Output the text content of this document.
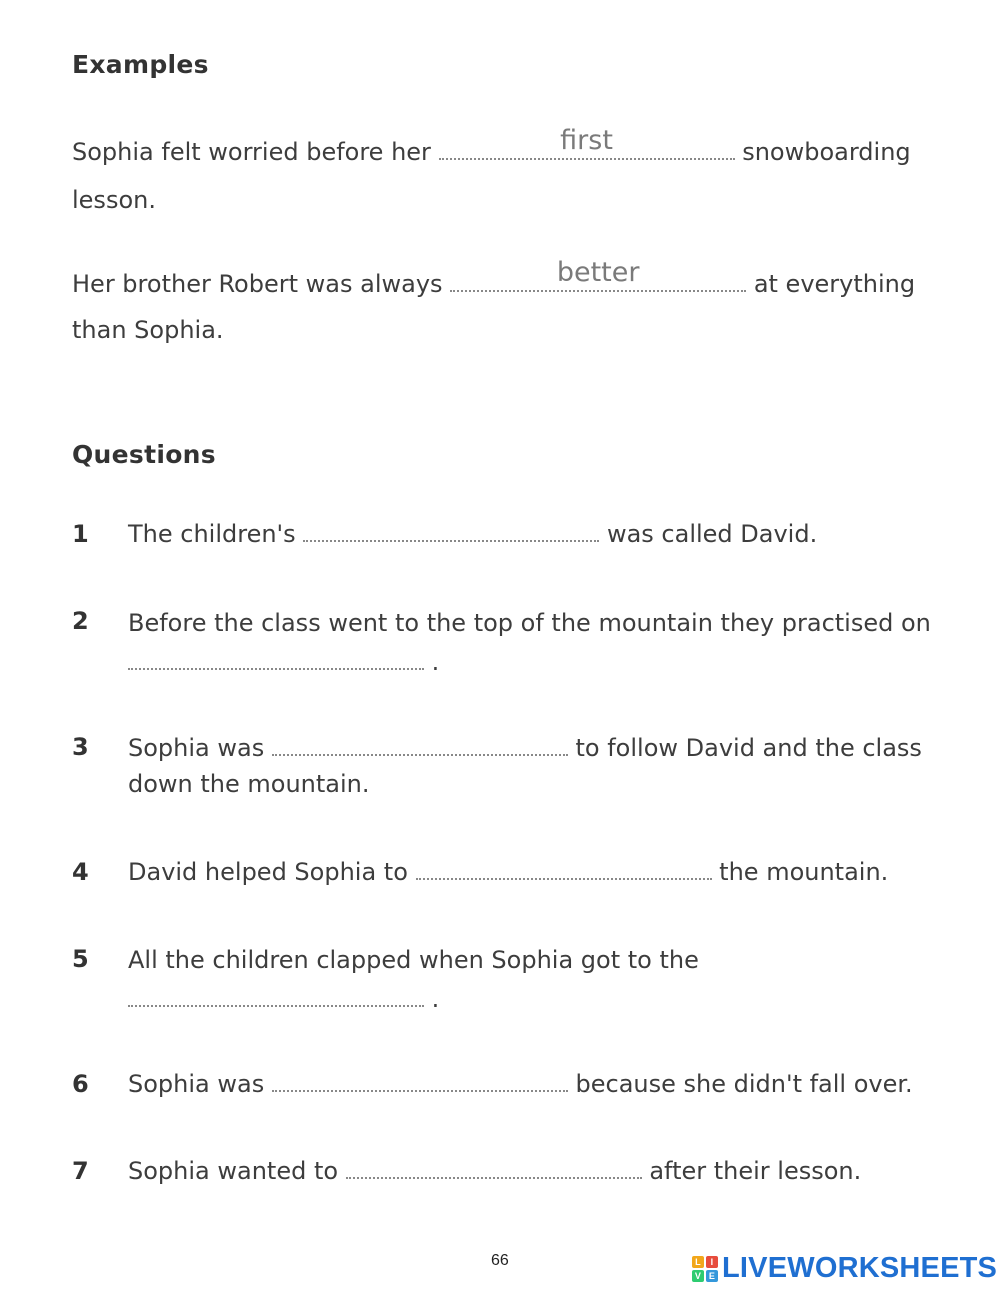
Examples
Sophia felt worried before her	first	snowboarding
lesson.
Her brother Robert was always	better	at everything
than Sophia.
Questions
1 The children's	was called David.
2 Before the class went to the top of the mountain they practised on
.
3 Sophia was	to follow David and the class
down the mountain.
4 David helped Sophia to	the mountain.
5 All the children clapped when Sophia got to the
.
6 Sophia was	because she didn't fall over.
7 Sophia wanted to	after their lesson.
66	L	I
V E LIVEWORKSHEETS
